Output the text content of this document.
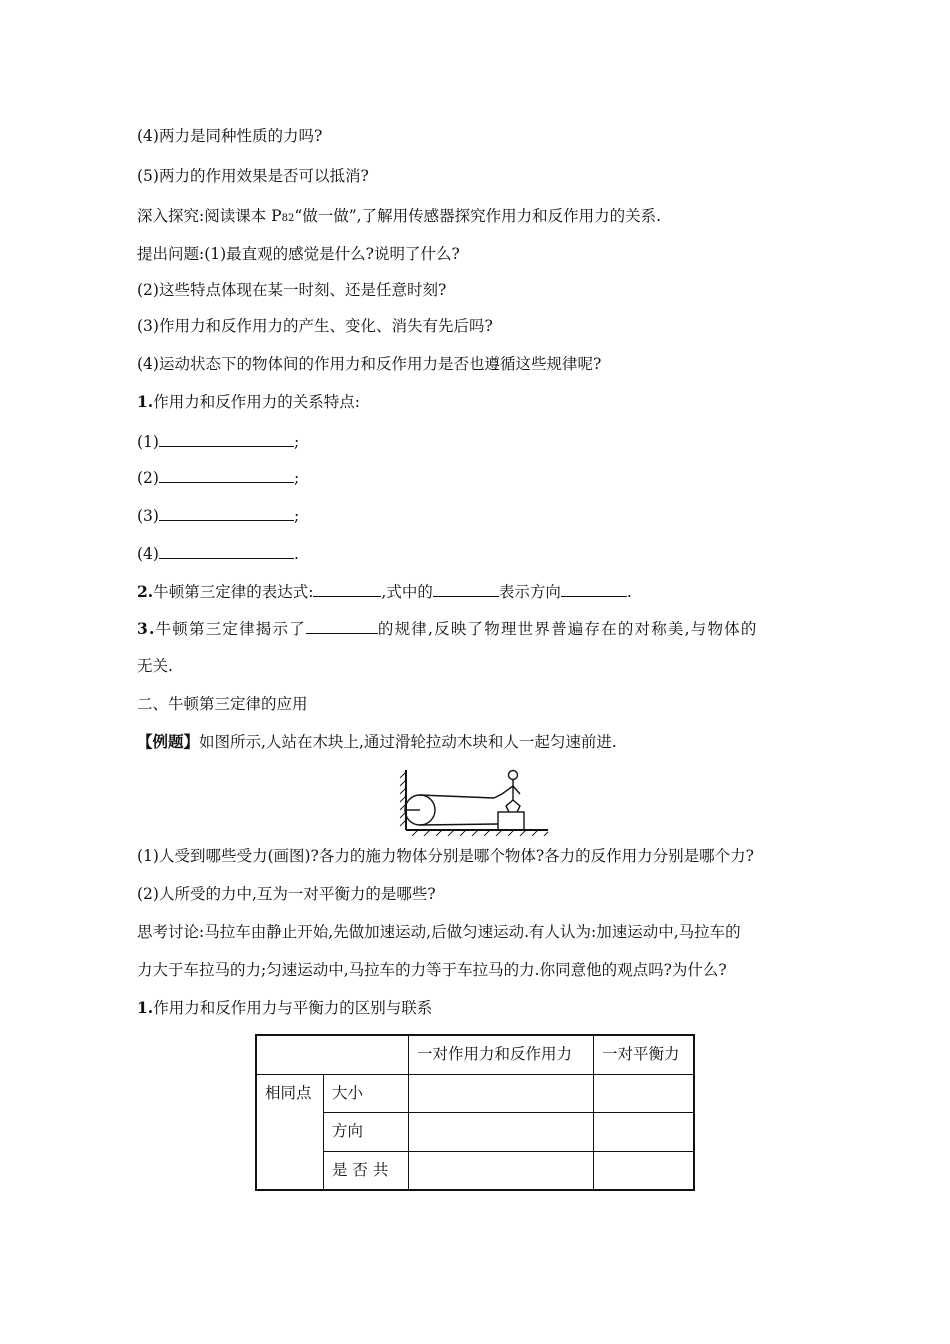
(4)两力是同种性质的力吗?
(5)两力的作用效果是否可以抵消?
深入探究:阅读课本 P82“做一做”,了解用传感器探究作用力和反作用力的关系.
提出问题:(1)最直观的感觉是什么?说明了什么?
(2)这些特点体现在某一时刻、还是任意时刻?
(3)作用力和反作用力的产生、变化、消失有先后吗?
(4)运动状态下的物体间的作用力和反作用力是否也遵循这些规律呢?
1.作用力和反作用力的关系特点:
(1)	;
(2)	;
(3)	;
(4)	.
2.牛顿第三定律的表达式:	,式中的	表示方向	.
3.牛顿第三定律揭示了	的规律,反映了物理世界普遍存在的对称美,与物体的
无关.
二、牛顿第三定律的应用
【例题】如图所示,人站在木块上,通过滑轮拉动木块和人一起匀速前进.
(1)人受到哪些受力(画图)?各力的施力物体分别是哪个物体?各力的反作用力分别是哪个力?
(2)人所受的力中,互为一对平衡力的是哪些?
思考讨论:马拉车由静止开始,先做加速运动,后做匀速运动.有人认为:加速运动中,马拉车的
力大于车拉马的力;匀速运动中,马拉车的力等于车拉马的力.你同意他的观点吗?为什么?
1.作用力和反作用力与平衡力的区别与联系

		一对作用力和反作用力	一对平衡力

相同点	大小		

	方向		

	是 否 共		
